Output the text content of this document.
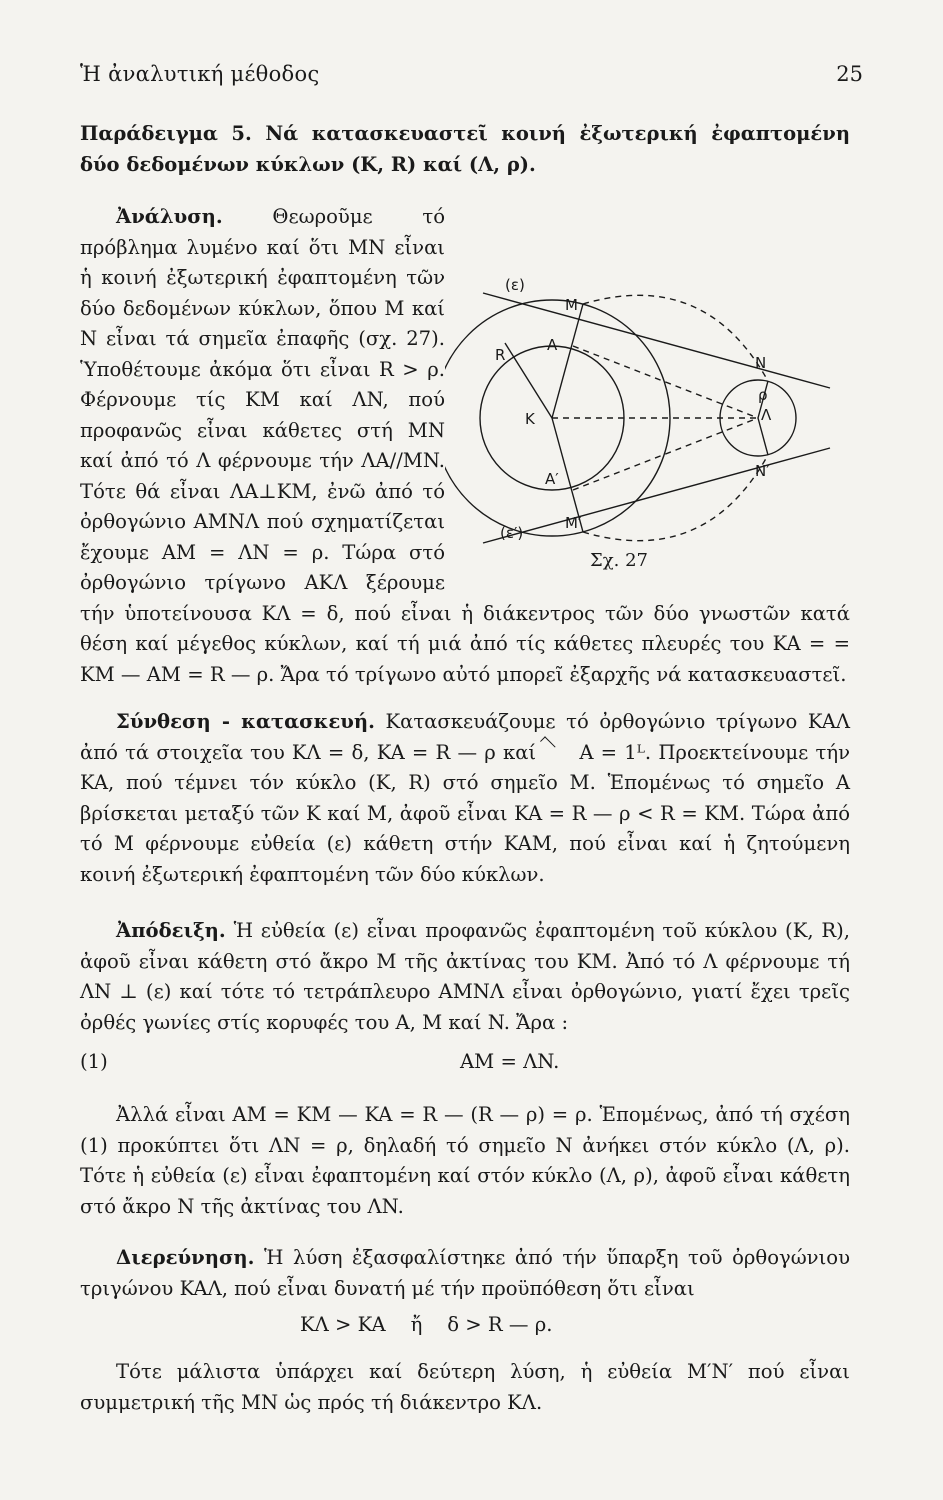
Ἡ ἀναλυτική μέθοδος	25
Παράδειγμα 5. Νά κατασκευαστεῖ κοινή ἐξωτερική ἐφαπτομένη δύο δεδομένων κύκλων (K, R) καί (Λ, ρ).
Ἀνάλυση.	Θεωροῦμε τό πρόβλημα λυμένο καί ὅτι MN εἶναι ἡ κοινή ἐξωτερική ἐφαπτομένη τῶν δύο δεδομένων κύκλων, ὅπου M καί N εἶναι τά σημεῖα ἐπαφῆς (σχ. 27). Ὑποθέτουμε ἀκόμα ὅτι εἶναι R > ρ. Φέρνουμε τίς KM καί ΛN, πού προφανῶς εἶναι κάθετες στή MN καί ἀπό τό Λ φέρνουμε τήν ΛA//MN. Τότε θά εἶναι ΛA⊥KM, ἐνῶ ἀπό τό ὀρθογώνιο AMNΛ πού σχηματίζεται ἔχουμε AM = ΛN = ρ. Τώρα στό ὀρθογώνιο τρίγωνο AKΛ ξέρουμε τήν ὑποτείνουσα KΛ = δ, πού εἶναι ἡ διάκεντρος τῶν δύο γνωστῶν κατά θέση καί μέγεθος κύκλων, καί τή μιά ἀπό τίς κάθετες πλευρές του KA = = KM — AM = R — ρ. Ἄρα τό τρίγωνο αὐτό μπορεῖ ἐξαρχῆς νά κατασκευαστεῖ.
(ε)
M
N
R
A
K
A′
ρ
Λ
N′
M′
(ε′)
Σχ. 27
Σύνθεση - κατασκευή. Κατασκευάζουμε τό ὀρθογώνιο τρίγωνο KAΛ ἀπό τά στοιχεῖα του KΛ = δ, KA = R — ρ καί A = 1ᴸ. Προεκτείνουμε τήν KA, πού τέμνει τόν κύκλο (K, R) στό σημεῖο M. Ἑπομένως τό σημεῖο A βρίσκεται μεταξύ τῶν K καί M, ἀφοῦ εἶναι KA = R — ρ < R = KM. Τώρα ἀπό τό M φέρνουμε εὐθεία (ε) κάθετη στήν KAM, πού εἶναι καί ἡ ζητούμενη κοινή ἐξωτερική ἐφαπτομένη τῶν δύο κύκλων.
Ἀπόδειξη. Ἡ εὐθεία (ε) εἶναι προφανῶς ἐφαπτομένη τοῦ κύκλου (K, R), ἀφοῦ εἶναι κάθετη στό ἄκρο M τῆς ἀκτίνας του KM. Ἀπό τό Λ φέρνουμε τή ΛN ⊥ (ε) καί τότε τό τετράπλευρο AMNΛ εἶναι ὀρθογώνιο, γιατί ἔχει τρεῖς ὀρθές γωνίες στίς κορυφές του A, M καί N. Ἄρα :
(1)	AM = ΛN.
Ἀλλά εἶναι AM = KM — KA = R — (R — ρ) = ρ. Ἑπομένως, ἀπό τή σχέση (1) προκύπτει ὅτι ΛN = ρ, δηλαδή τό σημεῖο N ἀνήκει στόν κύκλο (Λ, ρ). Τότε ἡ εὐθεία (ε) εἶναι ἐφαπτομένη καί στόν κύκλο (Λ, ρ), ἀφοῦ εἶναι κάθετη στό ἄκρο N τῆς ἀκτίνας του ΛN.
Διερεύνηση. Ἡ λύση ἐξασφαλίστηκε ἀπό τήν ὕπαρξη τοῦ ὀρθογώνιου τριγώνου KAΛ, πού εἶναι δυνατή μέ τήν προϋπόθεση ὅτι εἶναι
KΛ > KA    ἤ    δ > R — ρ.
Τότε μάλιστα ὑπάρχει καί δεύτερη λύση, ἡ εὐθεία M′N′ πού εἶναι συμμετρική τῆς MN ὡς πρός τή διάκεντρο KΛ.
